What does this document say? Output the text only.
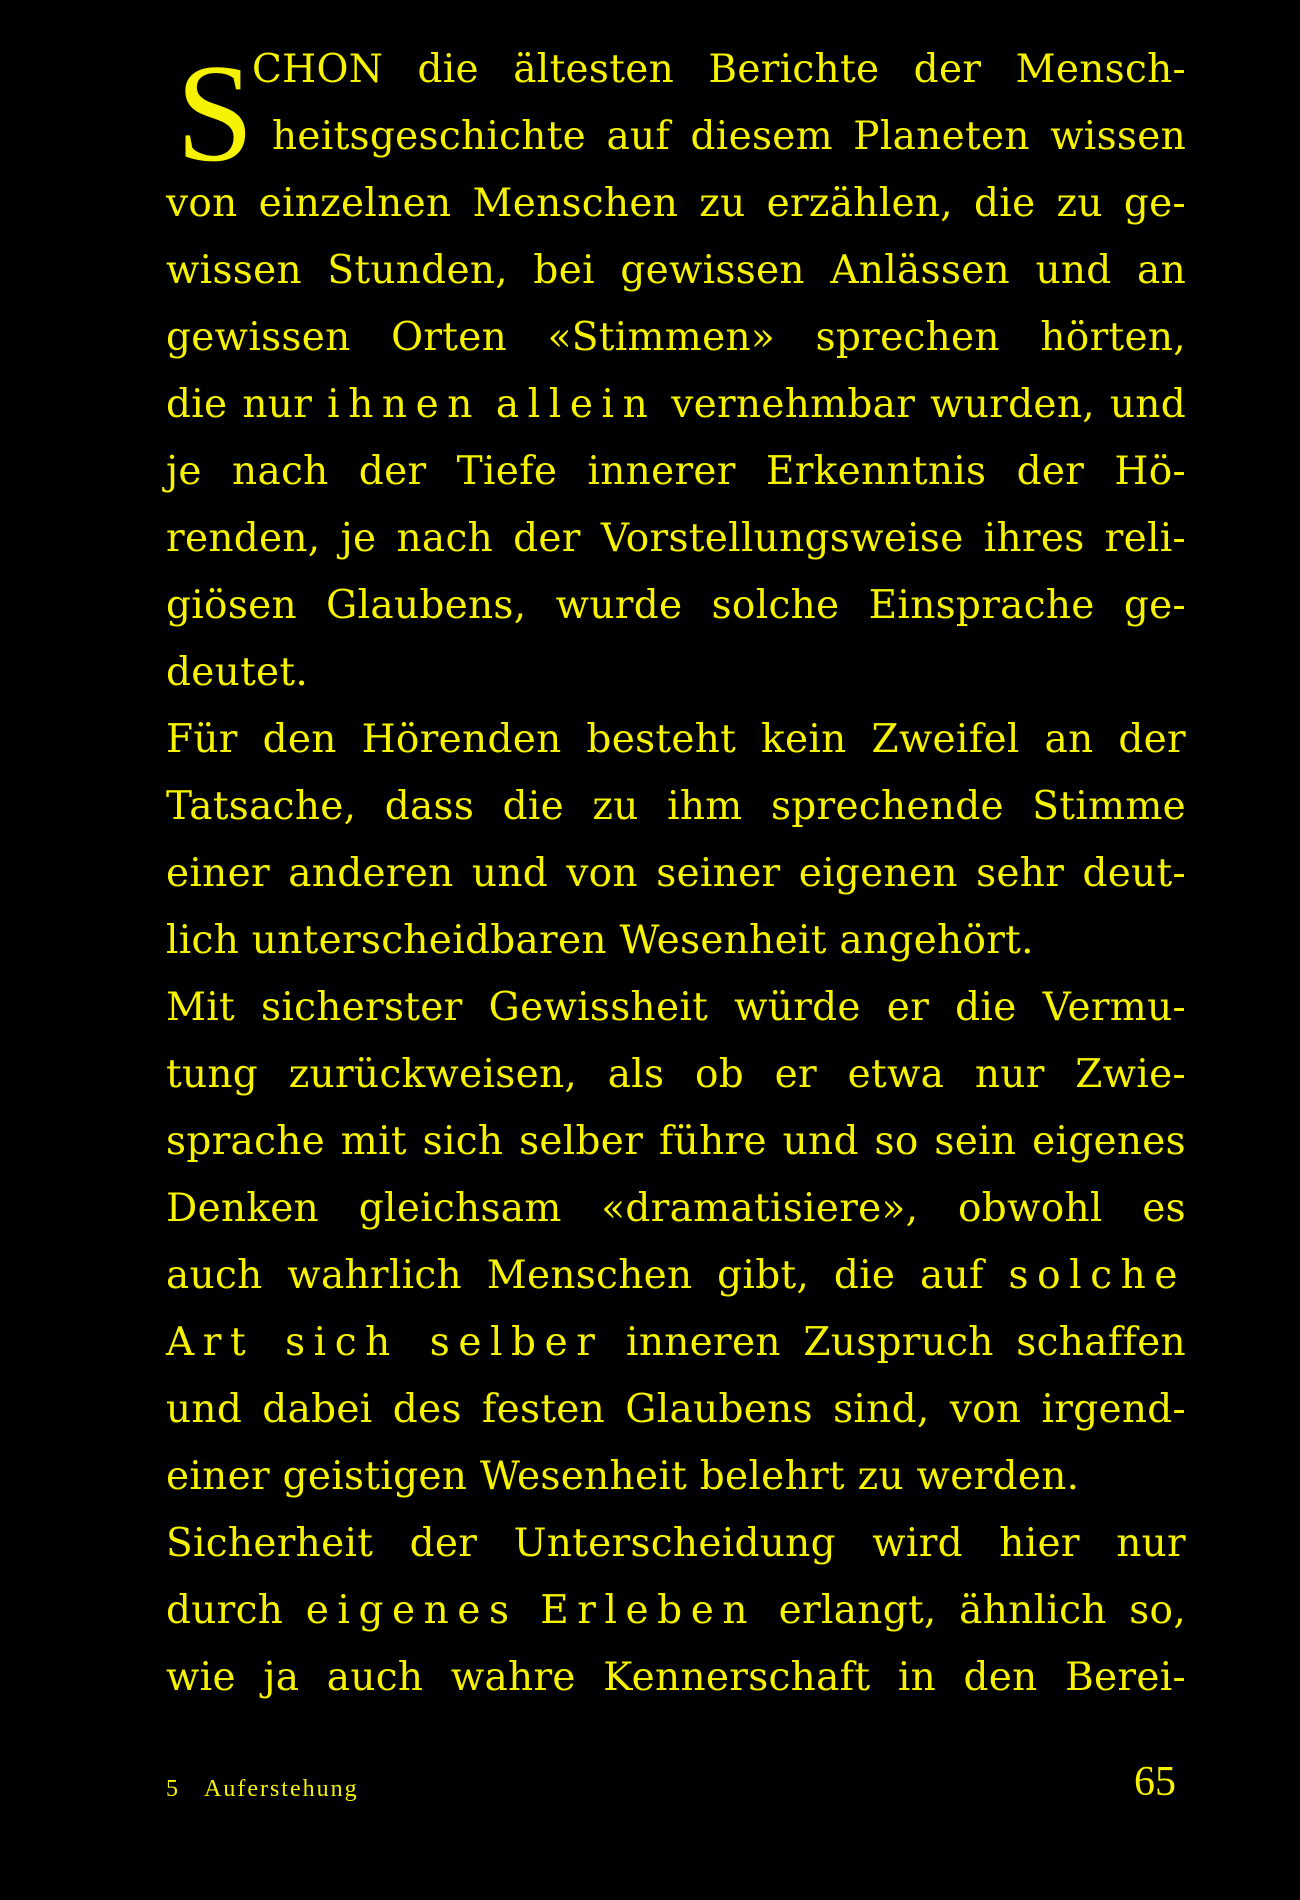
S
CHON die ältesten Berichte der Mensch-
heitsgeschichte auf diesem Planeten wissen
von einzelnen Menschen zu erzählen, die zu ge-
wissen Stunden, bei gewissen Anlässen und an
gewissen Orten «Stimmen» sprechen hörten,
die nur ihnen allein vernehmbar wurden, und
je nach der Tiefe innerer Erkenntnis der Hö-
renden, je nach der Vorstellungsweise ihres reli-
giösen Glaubens, wurde solche Einsprache ge-
deutet.
Für den Hörenden besteht kein Zweifel an der
Tatsache, dass die zu ihm sprechende Stimme
einer anderen und von seiner eigenen sehr deut-
lich unterscheidbaren Wesenheit angehört.
Mit sicherster Gewissheit würde er die Vermu-
tung zurückweisen, als ob er etwa nur Zwie-
sprache mit sich selber führe und so sein eigenes
Denken gleichsam «dramatisiere», obwohl es
auch wahrlich Menschen gibt, die auf solche
Art sich selber inneren Zuspruch schaffen
und dabei des festen Glaubens sind, von irgend-
einer geistigen Wesenheit belehrt zu werden.
Sicherheit der Unterscheidung wird hier nur
durch eigenes Erleben erlangt, ähnlich so,
wie ja auch wahre Kennerschaft in den Berei-
5 Auferstehung	65
